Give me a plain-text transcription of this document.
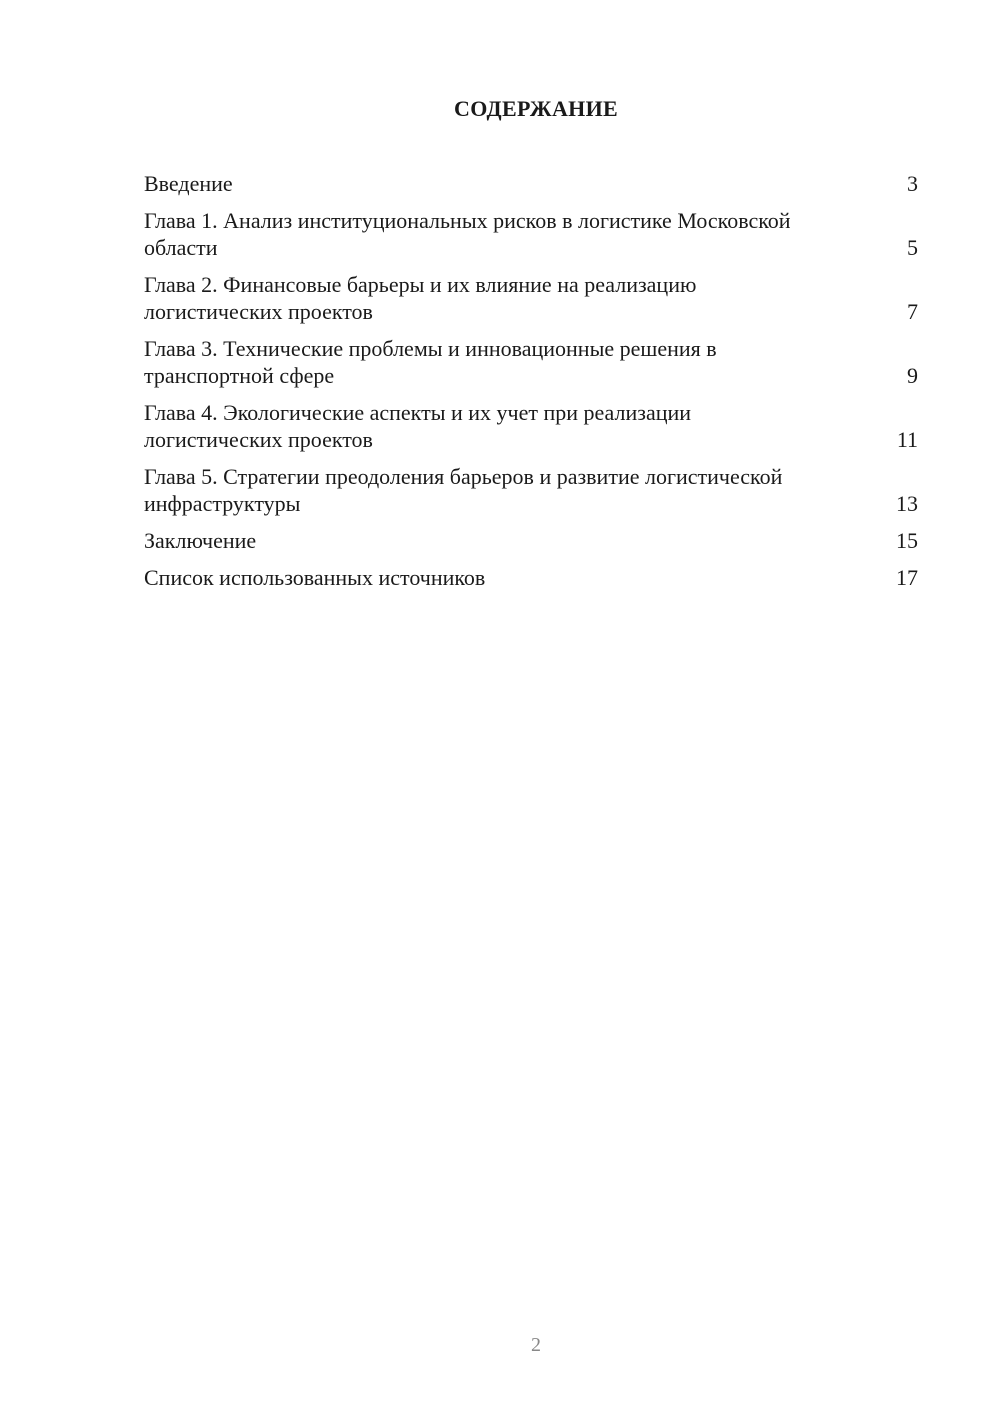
СОДЕРЖАНИЕ
Введение	3
Глава 1. Анализ институциональных рисков в логистике Московской области	5
Глава 2. Финансовые барьеры и их влияние на реализацию логистических проектов	7
Глава 3. Технические проблемы и инновационные решения в транспортной сфере	9
Глава 4. Экологические аспекты и их учет при реализации логистических проектов	11
Глава 5. Стратегии преодоления барьеров и развитие логистической инфраструктуры	13
Заключение	15
Список использованных источников	17
2
